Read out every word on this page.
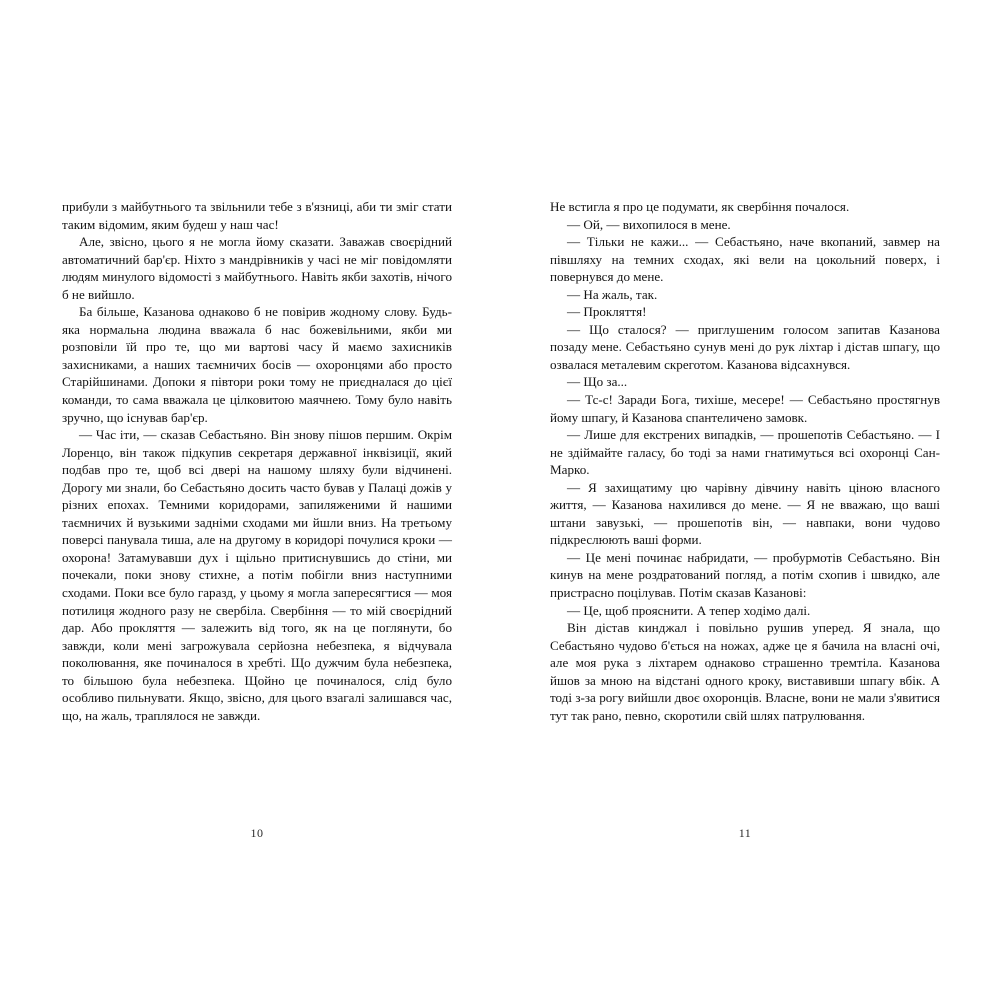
прибули з майбутнього та звільнили тебе з в'язниці, аби ти зміг стати таким відомим, яким будеш у наш час!

Але, звісно, цього я не могла йому сказати. Заважав своєрідний автоматичний бар'єр. Ніхто з мандрівників у часі не міг повідомляти людям минулого відомості з майбутнього. Навіть якби захотів, нічого б не вийшло.

Ба більше, Казанова однаково б не повірив жодному слову. Будь-яка нормальна людина вважала б нас божевільними, якби ми розповіли їй про те, що ми вартові часу й маємо захисників захисниками, а наших таємничих босів — охоронцями або просто Старійшинами. Допоки я півтори роки тому не приєдналася до цієї команди, то сама вважала це цілковитою маячнею. Тому було навіть зручно, що існував бар'єр.

— Час іти, — сказав Себастьяно. Він знову пішов першим. Окрім Лоренцо, він також підкупив секретаря державної інквізиції, який подбав про те, щоб всі двері на нашому шляху були відчинені. Дорогу ми знали, бо Себастьяно досить часто бував у Палаці дожів у різних епохах. Темними коридорами, запиляженими й нашими таємничих й вузькими задніми сходами ми йшли вниз. На третьому поверсі панувала тиша, але на другому в коридорі почулися кроки — охорона! Затамувавши дух і щільно притиснувшись до стіни, ми почекали, поки знову стихне, а потім побігли вниз наступними сходами. Поки все було гаразд, у цьому я могла запересягтися — моя потилиця жодного разу не свербіла. Свербіння — то мій своєрідний дар. Або прокляття — залежить від того, як на це поглянути, бо завжди, коли мені загрожувала серйозна небезпека, я відчувала поколювання, яке починалося в хребті. Що дужчим була небезпека, то більшою була небезпека. Щойно це починалося, слід було особливо пильнувати. Якщо, звісно, для цього взагалі залишався час, що, на жаль, траплялося не завжди.

10

Не встигла я про це подумати, як свербіння почалося.

— Ой, — вихопилося в мене.

— Тільки не кажи... — Себастьяно, наче вкопаний, завмер на півшляху на темних сходах, які вели на цокольний поверх, і повернувся до мене.

— На жаль, так.

— Прокляття!

— Що сталося? — приглушеним голосом запитав Казанова позаду мене. Себастьяно сунув мені до рук ліхтар і дістав шпагу, що озвалася металевим скреготом. Казанова відсахнувся.

— Що за...

— Тс-с! Заради Бога, тихіше, месере! — Себастьяно простягнув йому шпагу, й Казанова спантеличено замовк.

— Лише для екстрених випадків, — прошепотів Себастьяно. — І не здіймайте галасу, бо тоді за нами гнатимуться всі охоронці Сан-Марко.

— Я захищатиму цю чарівну дівчину навіть ціною власного життя, — Казанова нахилився до мене. — Я не вважаю, що ваші штани завузькі, — прошепотів він, — навпаки, вони чудово підкреслюють ваші форми.

— Це мені починає набридати, — пробурмотів Себастьяно. Він кинув на мене роздратований погляд, а потім схопив і швидко, але пристрасно поцілував. Потім сказав Казанові:

— Це, щоб прояснити. А тепер ходімо далі.

Він дістав кинджал і повільно рушив уперед. Я знала, що Себастьяно чудово б'ється на ножах, адже це я бачила на власні очі, але моя рука з ліхтарем однаково страшенно тремтіла. Казанова йшов за мною на відстані одного кроку, виставивши шпагу вбік. А тоді з-за рогу вийшли двоє охоронців. Власне, вони не мали з'явитися тут так рано, певно, скоротили свій шлях патрулювання.

11
